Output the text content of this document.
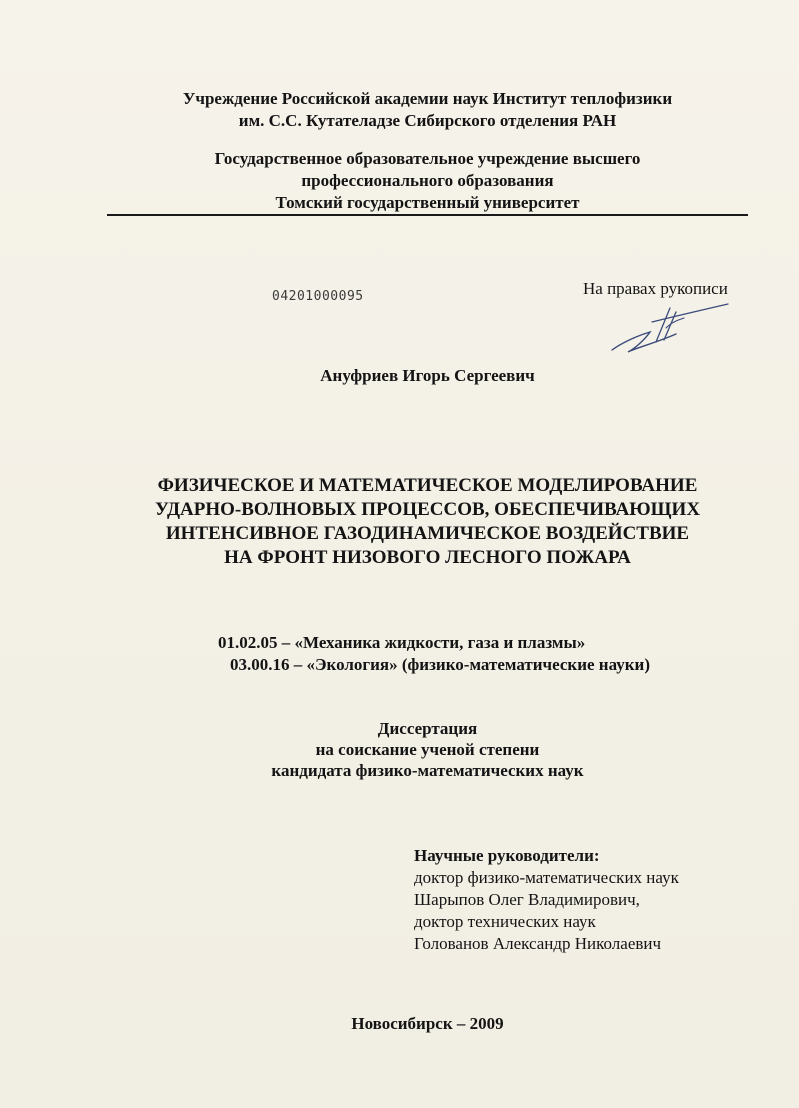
Учреждение Российской академии наук Институт теплофизики
им. С.С. Кутателадзе Сибирского отделения РАН
Государственное образовательное учреждение высшего
профессионального образования
Томский государственный университет
04201000095	На правах рукописи
Ануфриев Игорь Сергеевич
ФИЗИЧЕСКОЕ И МАТЕМАТИЧЕСКОЕ МОДЕЛИРОВАНИЕ
УДАРНО-ВОЛНОВЫХ ПРОЦЕССОВ, ОБЕСПЕЧИВАЮЩИХ
ИНТЕНСИВНОЕ ГАЗОДИНАМИЧЕСКОЕ ВОЗДЕЙСТВИЕ
НА ФРОНТ НИЗОВОГО ЛЕСНОГО ПОЖАРА
01.02.05 – «Механика жидкости, газа и плазмы»
03.00.16 – «Экология» (физико-математические науки)
Диссертация
на соискание ученой степени
кандидата физико-математических наук
Научные руководители:
доктор физико-математических наук
Шарыпов Олег Владимирович,
доктор технических наук
Голованов Александр Николаевич
Новосибирск – 2009
